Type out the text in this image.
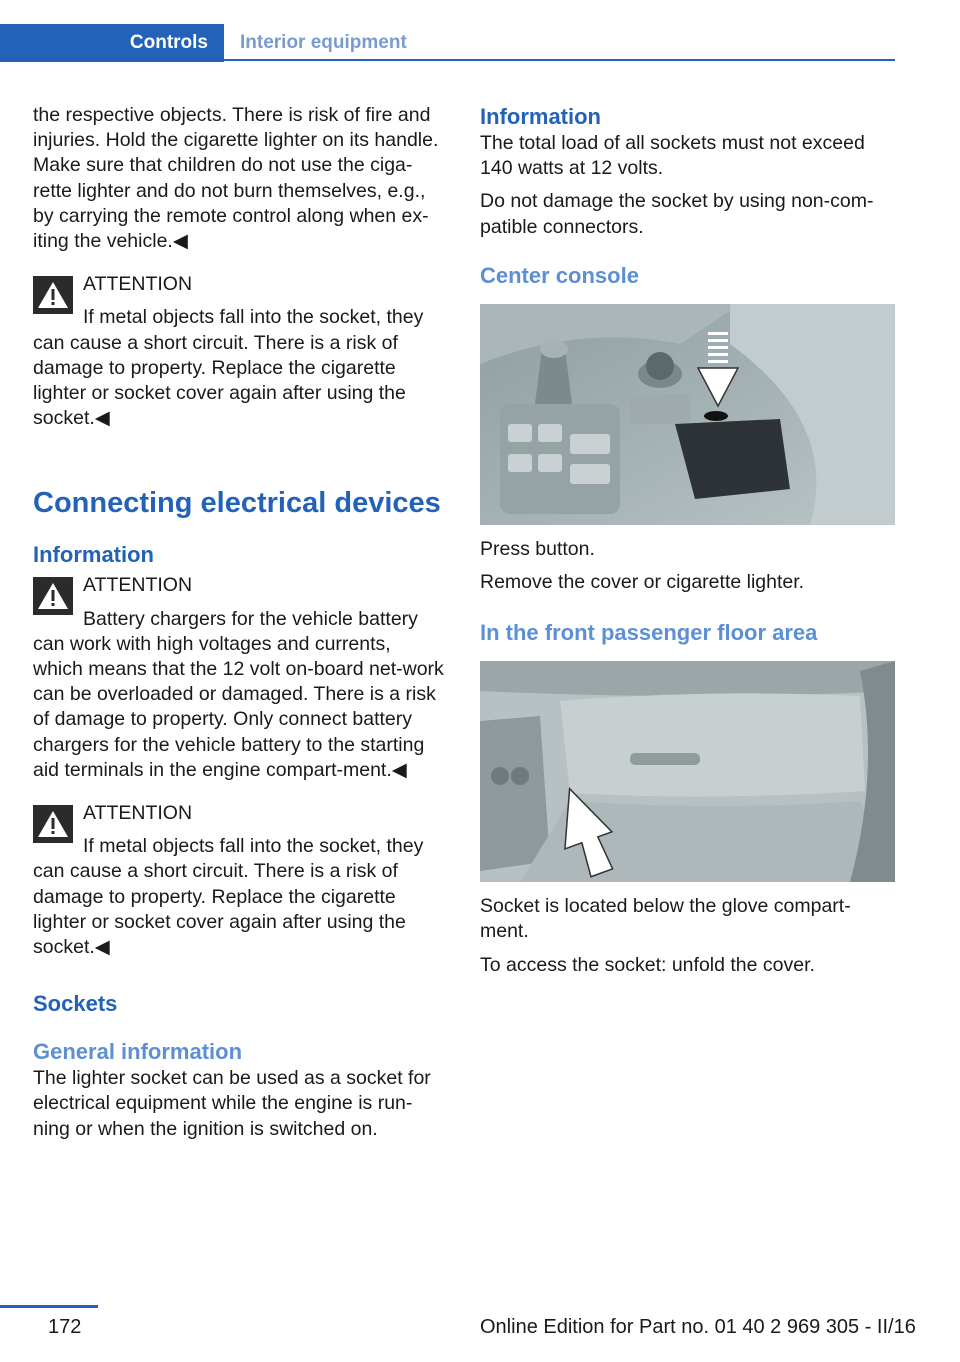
Controls	Interior equipment

the respective objects. There is risk of fire and injuries. Hold the cigarette lighter on its handle. Make sure that children do not use the ciga‐rette lighter and do not burn themselves, e.g., by carrying the remote control along when ex‐iting the vehicle.◀

ATTENTION

If metal objects fall into the socket, they can cause a short circuit. There is a risk of damage to property. Replace the cigarette lighter or socket cover again after using the socket.◀

Connecting electrical devices
Information

ATTENTION

Battery chargers for the vehicle battery can work with high voltages and currents, which means that the 12 volt on-board net‐work can be overloaded or damaged. There is a risk of damage to property. Only connect battery chargers for the vehicle battery to the starting aid terminals in the engine compart‐ment.◀

ATTENTION

If metal objects fall into the socket, they can cause a short circuit. There is a risk of damage to property. Replace the cigarette lighter or socket cover again after using the socket.◀

Sockets
General information

The lighter socket can be used as a socket for electrical equipment while the engine is run‐ning or when the ignition is switched on.

Information

The total load of all sockets must not exceed 140 watts at 12 volts.

Do not damage the socket by using non-com‐patible connectors.

Center console

Press button.

Remove the cover or cigarette lighter.

In the front passenger floor area

Socket is located below the glove compart‐ment.

To access the socket: unfold the cover.

172	Online Edition for Part no. 01 40 2 969 305 - II/16
